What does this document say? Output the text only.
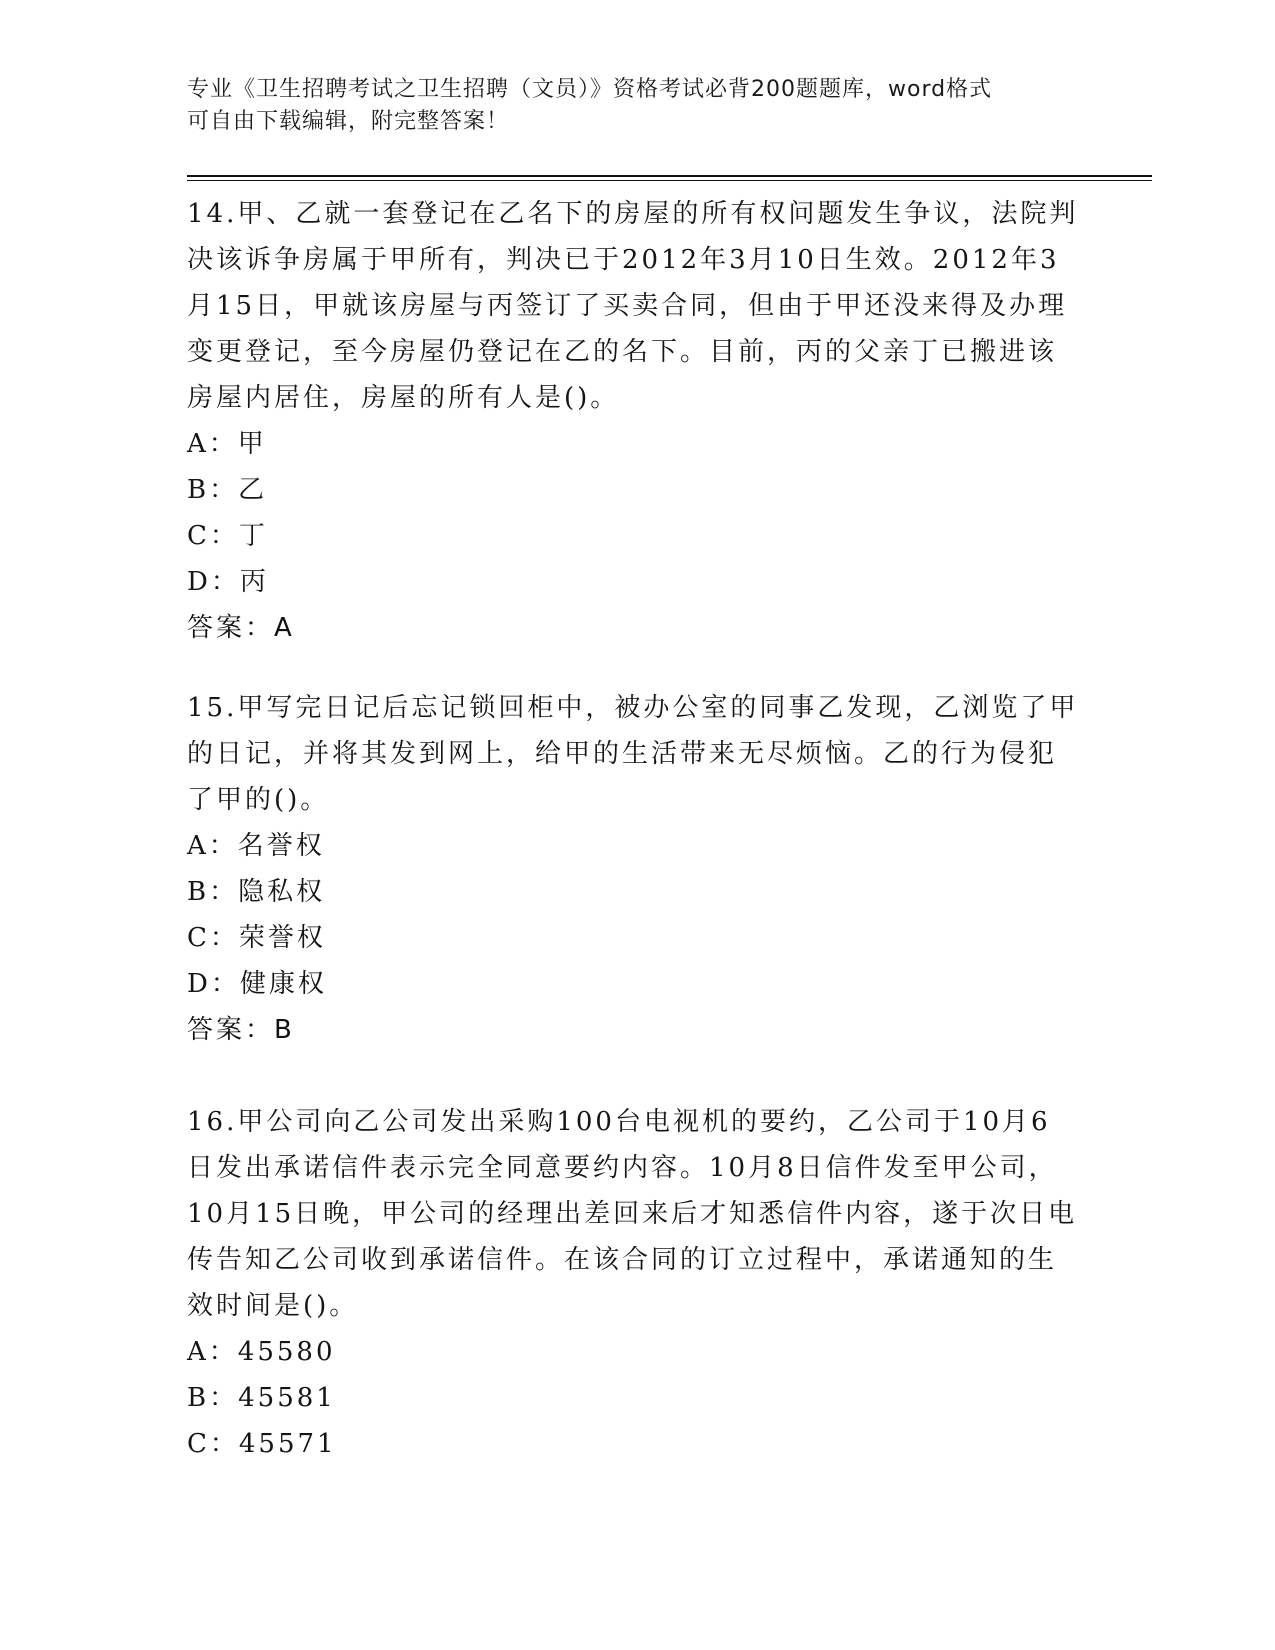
专业《卫生招聘考试之卫生招聘（文员）》资格考试必背200题题库，word格式
可自由下载编辑，附完整答案！
14.甲、乙就一套登记在乙名下的房屋的所有权问题发生争议，法院判
决该诉争房属于甲所有，判决已于2012年3月10日生效。2012年3
月15日，甲就该房屋与丙签订了买卖合同，但由于甲还没来得及办理
变更登记，至今房屋仍登记在乙的名下。目前，丙的父亲丁已搬进该
房屋内居住，房屋的所有人是()。
A：甲
B：乙
C：丁
D：丙
答案：A
15.甲写完日记后忘记锁回柜中，被办公室的同事乙发现，乙浏览了甲
的日记，并将其发到网上，给甲的生活带来无尽烦恼。乙的行为侵犯
了甲的()。
A：名誉权
B：隐私权
C：荣誉权
D：健康权
答案：B
16.甲公司向乙公司发出采购100台电视机的要约，乙公司于10月6
日发出承诺信件表示完全同意要约内容。10月8日信件发至甲公司，
10月15日晚，甲公司的经理出差回来后才知悉信件内容，遂于次日电
传告知乙公司收到承诺信件。在该合同的订立过程中，承诺通知的生
效时间是()。
A：45580
B：45581
C：45571
